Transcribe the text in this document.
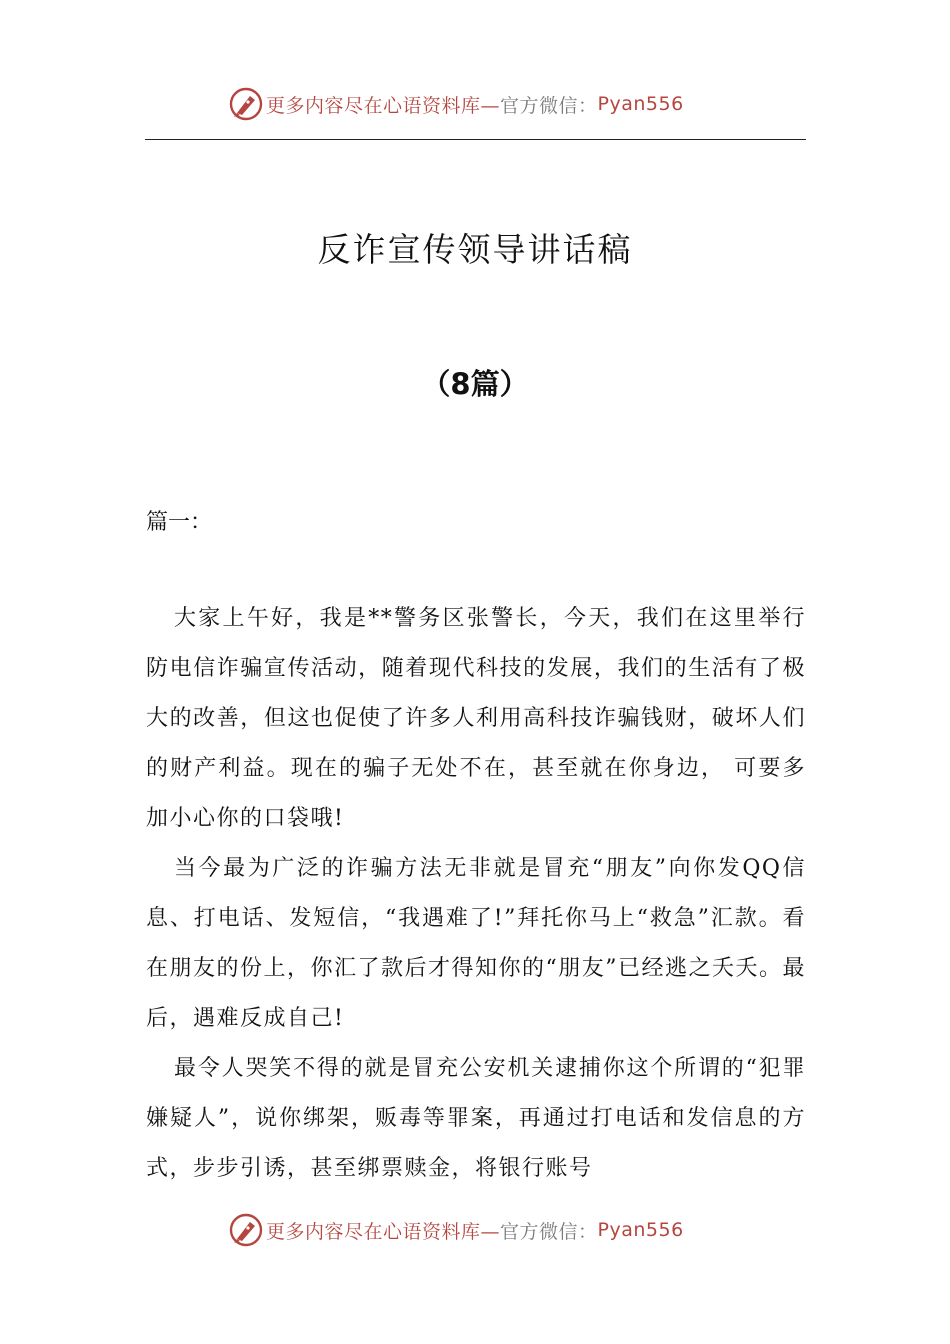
更多内容尽在心语资料库— 官方微信： Pyan556
反诈宣传领导讲话稿
（8篇）
篇一：

大家上午好，我是**警务区张警长，今天，我们在这里举行防电信诈骗宣传活动，随着现代科技的发展，我们的生活有了极大的改善，但这也促使了许多人利用高科技诈骗钱财，破坏人们的财产利益。现在的骗子无处不在，甚至就在你身边， 可要多加小心你的口袋哦!

当今最为广泛的诈骗方法无非就是冒充“朋友”向你发QQ信息、打电话、发短信，“我遇难了!”拜托你马上“救急”汇款。看在朋友的份上，你汇了款后才得知你的“朋友”已经逃之夭夭。最后，遇难反成自己!

最令人哭笑不得的就是冒充公安机关逮捕你这个所谓的“犯罪嫌疑人”，说你绑架，贩毒等罪案，再通过打电话和发信息的方式，步步引诱，甚至绑票赎金，将银行账号

更多内容尽在心语资料库— 官方微信： Pyan556
